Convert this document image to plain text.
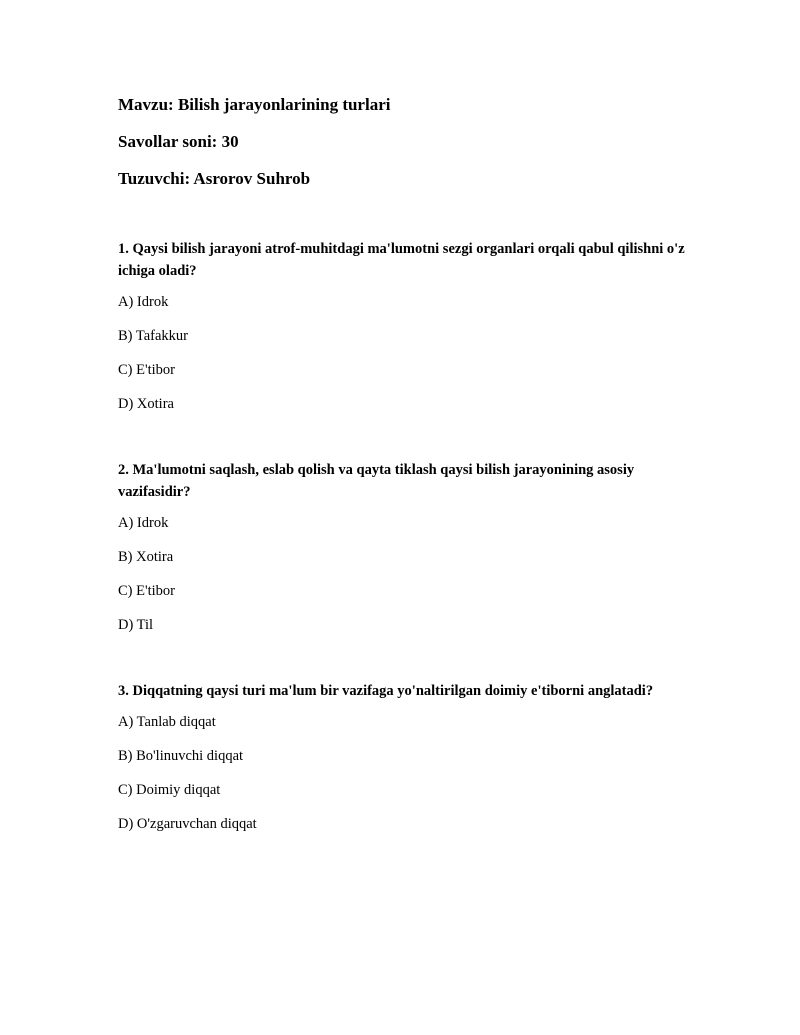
Mavzu: Bilish jarayonlarining turlari
Savollar soni: 30
Tuzuvchi: Asrorov Suhrob
1. Qaysi bilish jarayoni atrof-muhitdagi ma'lumotni sezgi organlari orqali qabul qilishni o'z ichiga oladi?
A) Idrok
B) Tafakkur
C) E'tibor
D) Xotira
2. Ma'lumotni saqlash, eslab qolish va qayta tiklash qaysi bilish jarayonining asosiy vazifasidir?
A) Idrok
B) Xotira
C) E'tibor
D) Til
3. Diqqatning qaysi turi ma'lum bir vazifaga yo'naltirilgan doimiy e'tiborni anglatadi?
A) Tanlab diqqat
B) Bo'linuvchi diqqat
C) Doimiy diqqat
D) O'zgaruvchan diqqat
